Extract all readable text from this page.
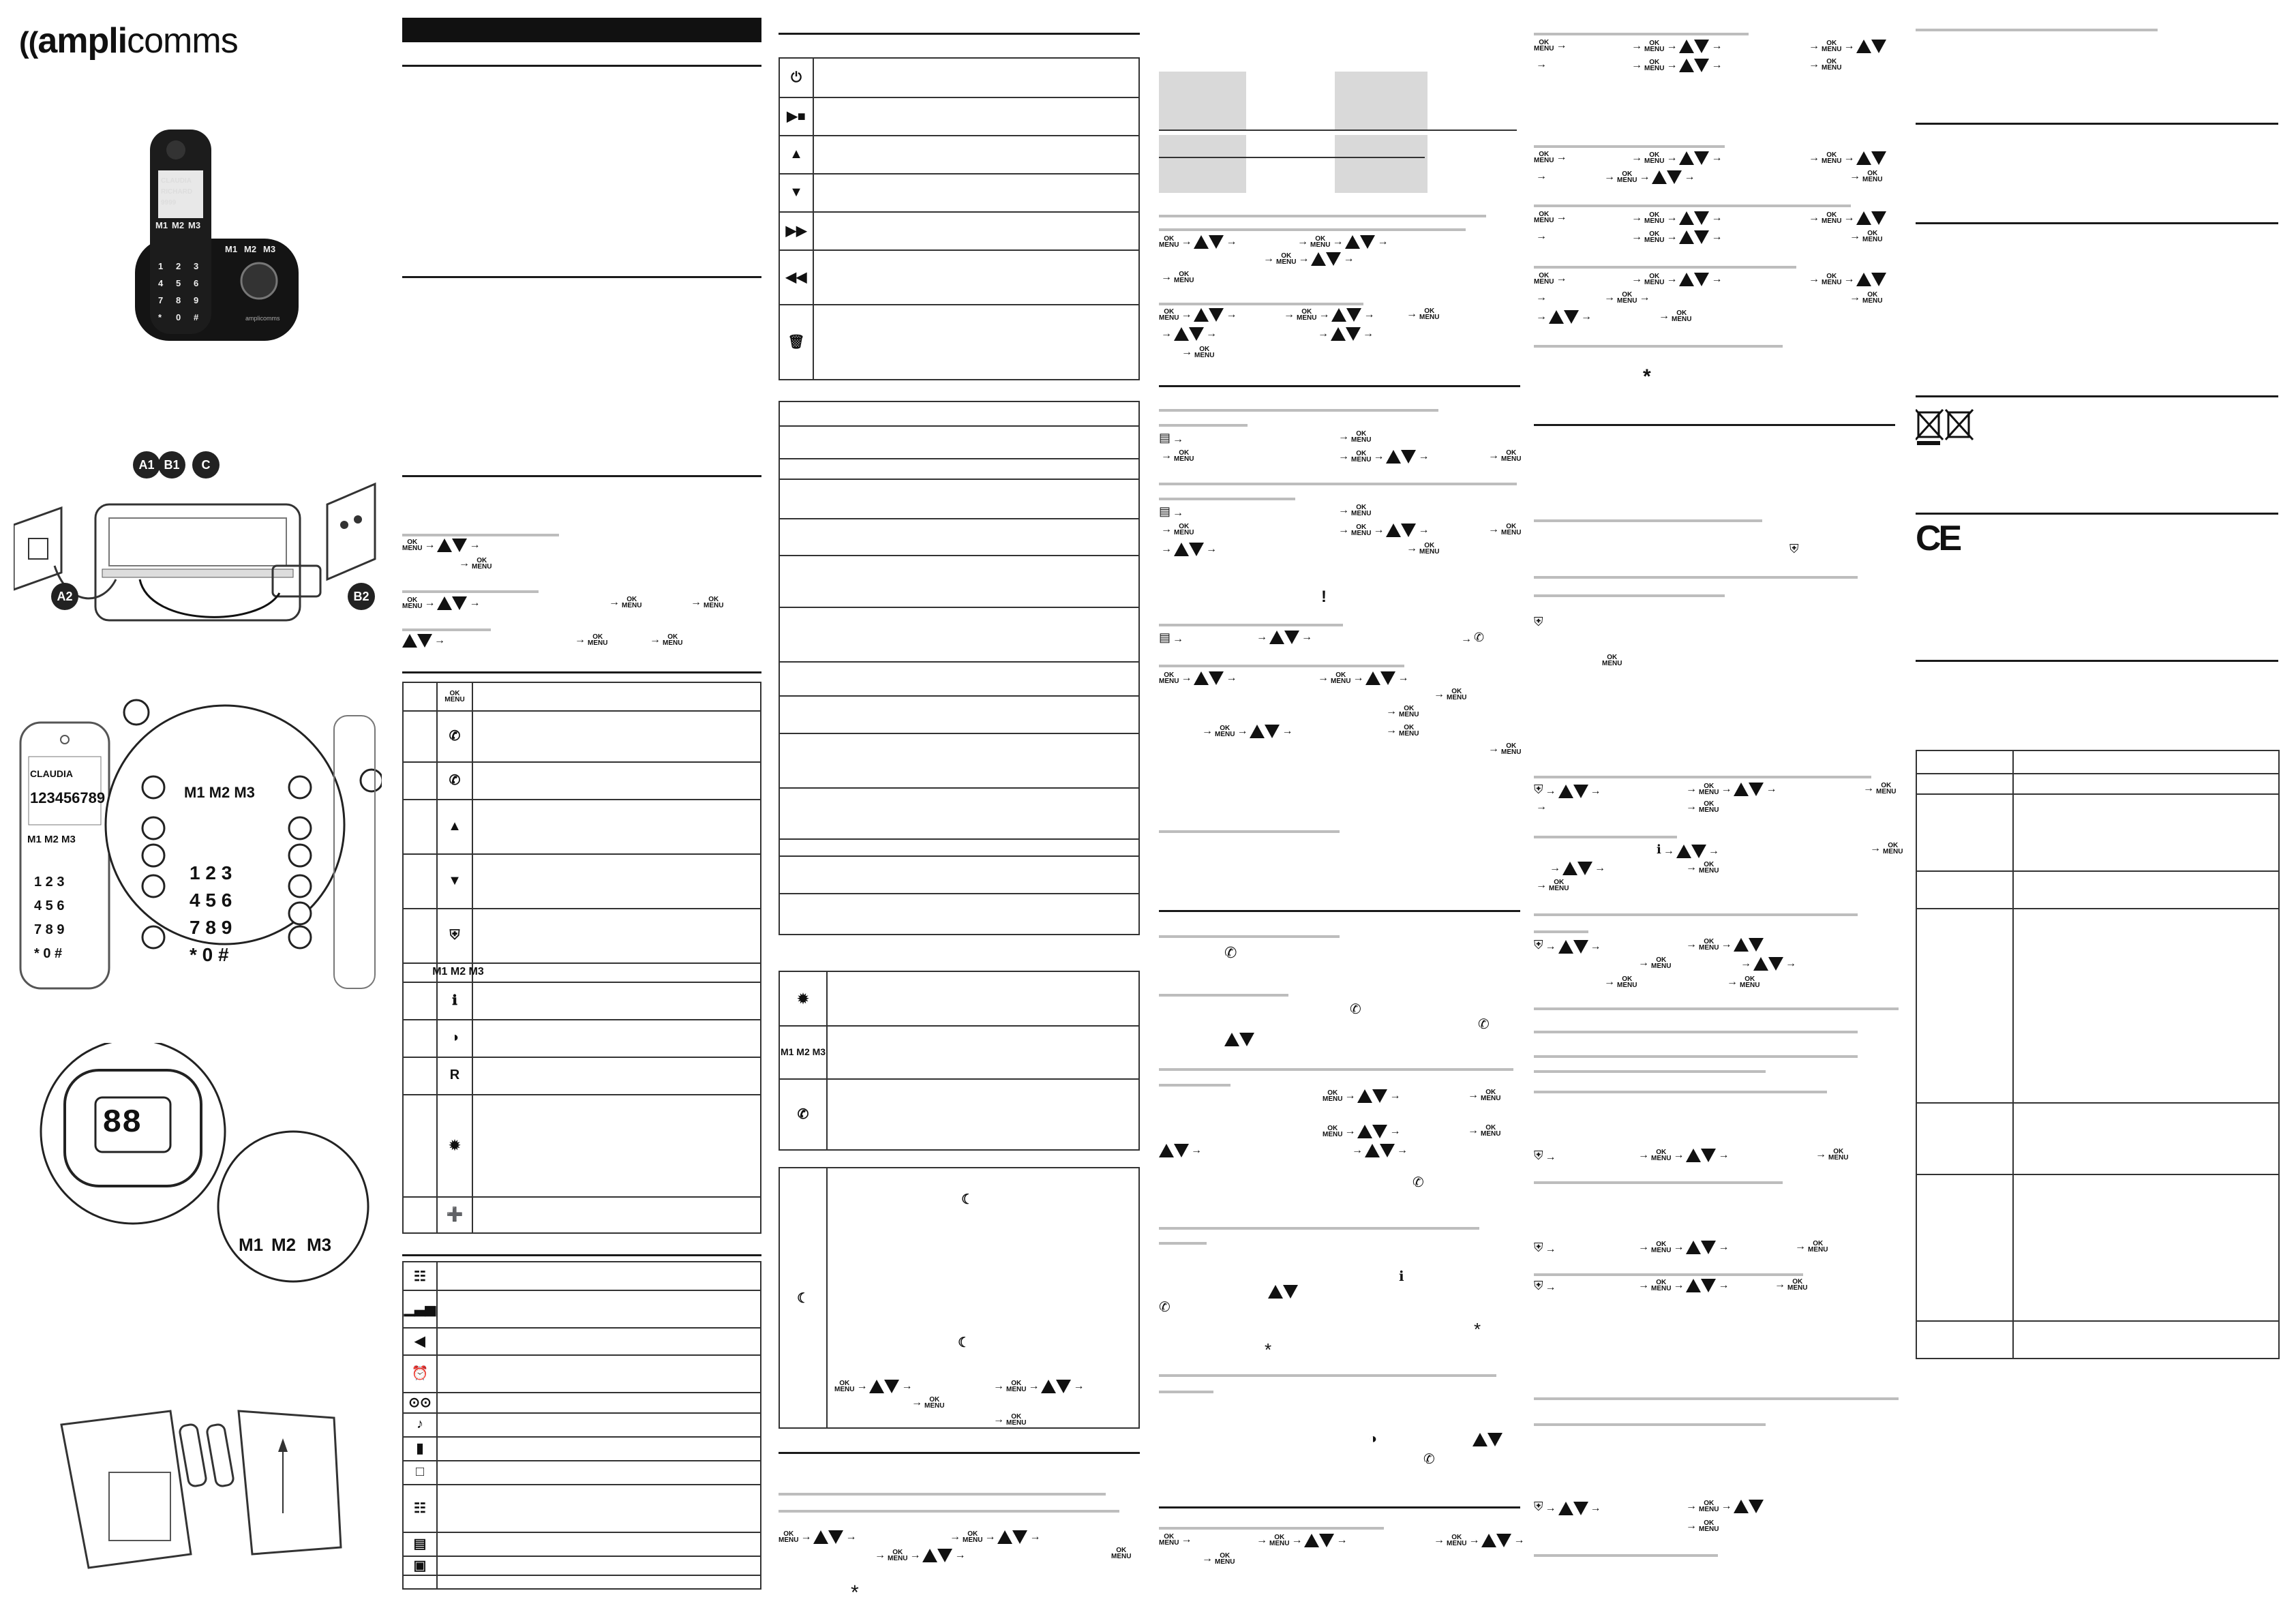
((amplicomms
CLAUDIA
RICHARD
9999
M1 M2 M3
M1 M2 M3
1 2 3
4 5 6
7 8 9
* 0 #	amplicomms
A1 B1	C
A2	B2
CLAUDIA
123456789
M1 M2 M3
M1 M2 M3
1 2 3
4 5 6
7 8 9
* 0 #
1 2 3
4 5 6
7 8 9
* 0 #
88
M1 M2 M3
OK
MENU →	→
→ OK
MENU
OK
MENU →	→	→ OK
MENU	→ OK
MENU
→	→ OK
MENU	→ OK
MENU
OK
MENU
✆
✆
▲
▼
⛨
M1 M2 M3
ℹ
◑
R
✹
➕
☷
▁▃▅
◀
⏰
⊙⊙
♪
▮
□
☷
▤
▣
⏻
▶■
▲
▼
▶▶
◀◀
🗑
✹
M1 M2 M3
✆
☾
☾
☾
OK
MENU →	→	→ OK
MENU →	→
→ OK
MENU
→ OK
MENU
OK
MENU →	→	→ OK
MENU →	→
→ OK
MENU →	→	OK
MENU
*
OK
MENU →	→	→ OK
MENU →	→
→ OK
MENU →	→
→ OK
MENU
OK
MENU →	→	→ OK
MENU →	→	→ OK
MENU
→	→	→	→
→ OK
MENU
▤ →	→ OK
MENU
→ OK
MENU	→ OK
MENU →	→	→ OK
MENU
▤ →	→ OK
MENU
→ OK
MENU	→ OK
MENU →	→	→ OK
MENU
→	→	→ OK
MENU
!
▤ →	→	→	→ ✆
OK
MENU →	→	→ OK
MENU →	→
→ OK
MENU
→ OK
MENU
→ OK
MENU →	→	→ OK
MENU
→ OK
MENU
✆
✆
✆
OK
MENU →	→	→ OK
MENU
OK
MENU →	→	→ OK
MENU
→	→	→
✆
ℹ
✆
*
*
◑
✆
OK
MENU →	→ OK
MENU →	→	→ OK
MENU →	→
→ OK
MENU
OK
MENU →	→ OK
MENU →	→	→ OK
MENU →
→	→ OK
MENU →	→	→ OK
MENU
OK
MENU →	→ OK
MENU →	→	→ OK
MENU →
→	→ OK
MENU →	→	→ OK
MENU
OK
MENU →	→ OK
MENU →	→	→ OK
MENU →
→	→ OK
MENU →	→	→ OK
MENU
OK
MENU →	→ OK
MENU →	→	→ OK
MENU →
→	→ OK
MENU →	→ OK
MENU
→	→	→ OK
MENU
*
⛨
⛨
OK
MENU
⛨ →	→	→ OK
MENU →	→	→ OK
MENU
→	→ OK
MENU
ℹ →	→	→ OK
MENU
→	→	→ OK
MENU
→ OK
MENU
⛨ →	→	→ OK
MENU →
→ OK
MENU	→	→
→ OK
MENU	→ OK
MENU
⛨ →	→ OK
MENU →	→	→ OK
MENU
⛨ →	→ OK
MENU →	→	→ OK
MENU
⛨ →	→ OK
MENU →	→	→ OK
MENU
⛨ →	→	→ OK
MENU →
→ OK
MENU
CE
